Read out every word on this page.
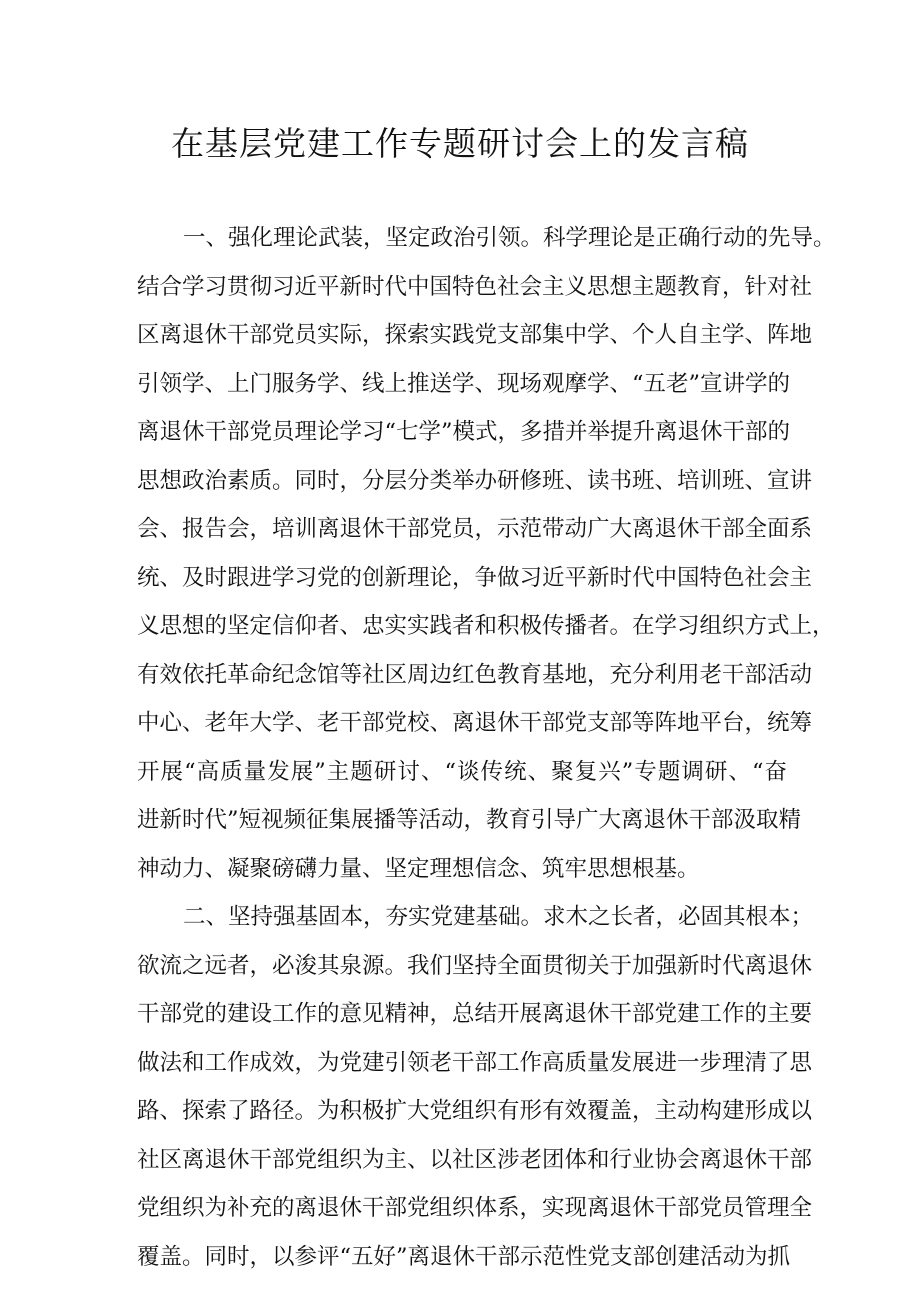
在基层党建工作专题研讨会上的发言稿
一、强化理论武装，坚定政治引领。科学理论是正确行动的先导。
结合学习贯彻习近平新时代中国特色社会主义思想主题教育，针对社
区离退休干部党员实际，探索实践党支部集中学、个人自主学、阵地
引领学、上门服务学、线上推送学、现场观摩学、“五老”宣讲学的
离退休干部党员理论学习“七学”模式，多措并举提升离退休干部的
思想政治素质。同时，分层分类举办研修班、读书班、培训班、宣讲
会、报告会，培训离退休干部党员，示范带动广大离退休干部全面系
统、及时跟进学习党的创新理论，争做习近平新时代中国特色社会主
义思想的坚定信仰者、忠实实践者和积极传播者。在学习组织方式上，
有效依托革命纪念馆等社区周边红色教育基地，充分利用老干部活动
中心、老年大学、老干部党校、离退休干部党支部等阵地平台，统筹
开展“高质量发展”主题研讨、“谈传统、聚复兴”专题调研、“奋
进新时代”短视频征集展播等活动，教育引导广大离退休干部汲取精
神动力、凝聚磅礴力量、坚定理想信念、筑牢思想根基。
二、坚持强基固本，夯实党建基础。求木之长者，必固其根本；
欲流之远者，必浚其泉源。我们坚持全面贯彻关于加强新时代离退休
干部党的建设工作的意见精神，总结开展离退休干部党建工作的主要
做法和工作成效，为党建引领老干部工作高质量发展进一步理清了思
路、探索了路径。为积极扩大党组织有形有效覆盖，主动构建形成以
社区离退休干部党组织为主、以社区涉老团体和行业协会离退休干部
党组织为补充的离退休干部党组织体系，实现离退休干部党员管理全
覆盖。同时，以参评“五好”离退休干部示范性党支部创建活动为抓
